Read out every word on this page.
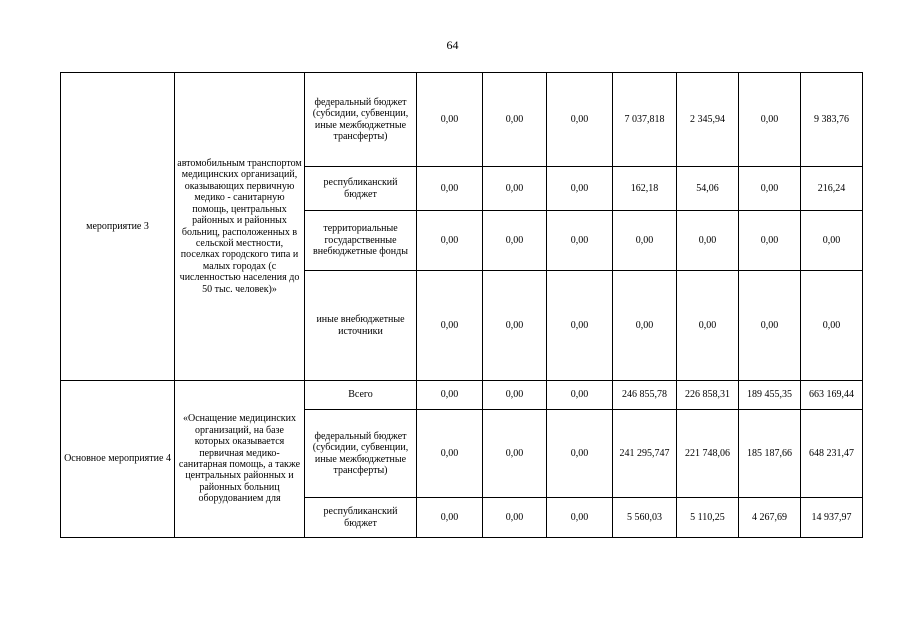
64
мероприятие 3	автомобильным транспортом медицинских организаций, оказывающих первичную медико - санитарную помощь, центральных районных и районных больниц, расположенных в сельской местности, поселках городского типа и малых городах (с численностью населения до 50 тыс. человек)»	федеральный бюджет (субсидии, субвенции, иные межбюджетные трансферты)	0,00	0,00	0,00	7 037,818	2 345,94	0,00	9 383,76
		республиканский бюджет	0,00	0,00	0,00	162,18	54,06	0,00	216,24
		территориальные государственные внебюджетные фонды	0,00	0,00	0,00	0,00	0,00	0,00	0,00
		иные внебюджетные источники	0,00	0,00	0,00	0,00	0,00	0,00	0,00
Основное мероприятие 4	«Оснащение медицинских организаций, на базе которых оказывается первичная медико-санитарная помощь, а также центральных районных и районных больниц оборудованием для	Всего	0,00	0,00	0,00	246 855,78	226 858,31	189 455,35	663 169,44
		федеральный бюджет (субсидии, субвенции, иные межбюджетные трансферты)	0,00	0,00	0,00	241 295,747	221 748,06	185 187,66	648 231,47
		республиканский бюджет	0,00	0,00	0,00	5 560,03	5 110,25	4 267,69	14 937,97
